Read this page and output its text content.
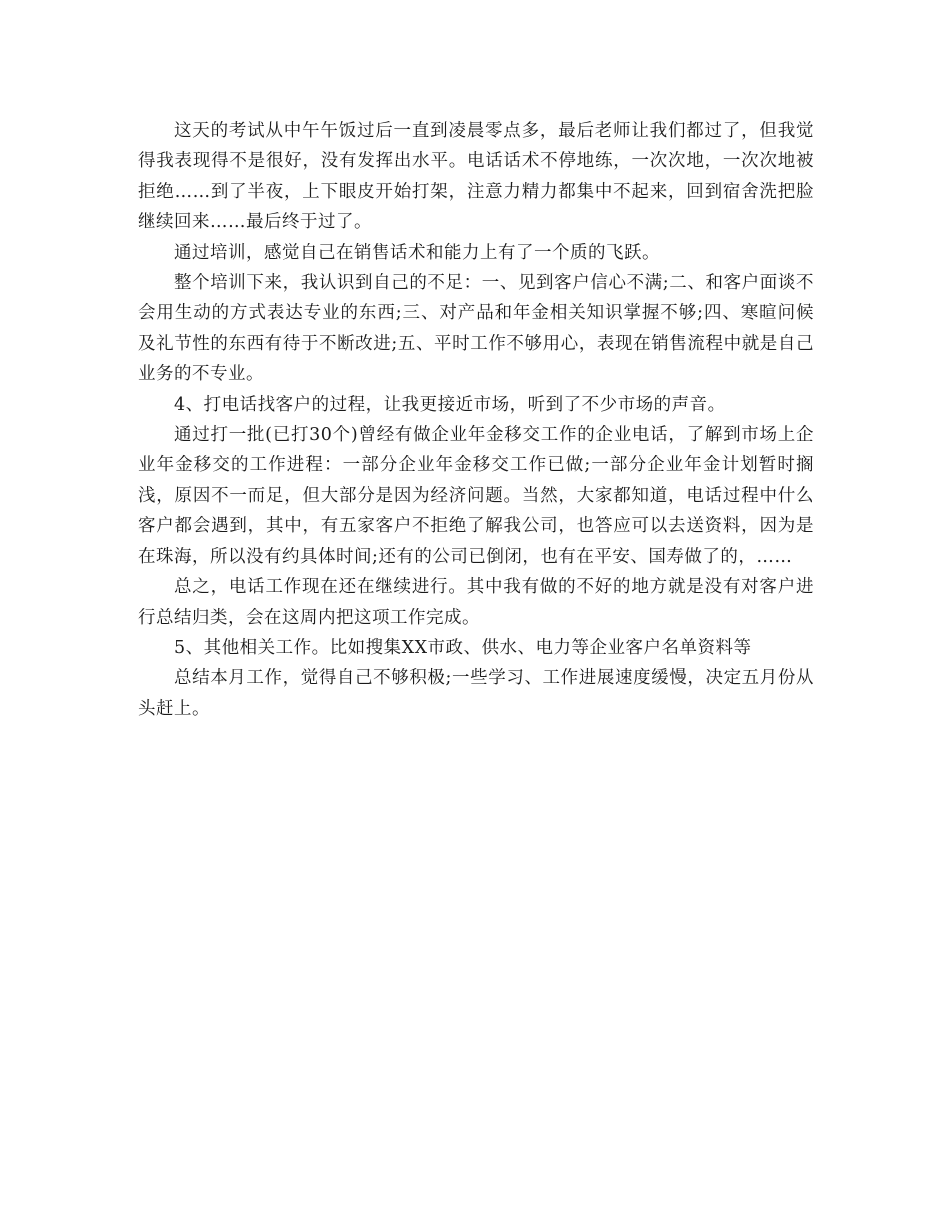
这天的考试从中午午饭过后一直到凌晨零点多，最后老师让我们都过了，但我觉得我表现得不是很好，没有发挥出水平。电话话术不停地练，一次次地，一次次地被拒绝……到了半夜，上下眼皮开始打架，注意力精力都集中不起来，回到宿舍洗把脸继续回来……最后终于过了。

通过培训，感觉自己在销售话术和能力上有了一个质的飞跃。

整个培训下来，我认识到自己的不足：一、见到客户信心不满;二、和客户面谈不会用生动的方式表达专业的东西;三、对产品和年金相关知识掌握不够;四、寒暄问候及礼节性的东西有待于不断改进;五、平时工作不够用心，表现在销售流程中就是自己业务的不专业。

4、打电话找客户的过程，让我更接近市场，听到了不少市场的声音。

通过打一批(已打30个)曾经有做企业年金移交工作的企业电话，了解到市场上企业年金移交的工作进程：一部分企业年金移交工作已做;一部分企业年金计划暂时搁浅，原因不一而足，但大部分是因为经济问题。当然，大家都知道，电话过程中什么客户都会遇到，其中，有五家客户不拒绝了解我公司，也答应可以去送资料，因为是在珠海，所以没有约具体时间;还有的公司已倒闭，也有在平安、国寿做了的，……

总之，电话工作现在还在继续进行。其中我有做的不好的地方就是没有对客户进行总结归类，会在这周内把这项工作完成。

5、其他相关工作。比如搜集XX市政、供水、电力等企业客户名单资料等

总结本月工作，觉得自己不够积极;一些学习、工作进展速度缓慢，决定五月份从头赶上。
